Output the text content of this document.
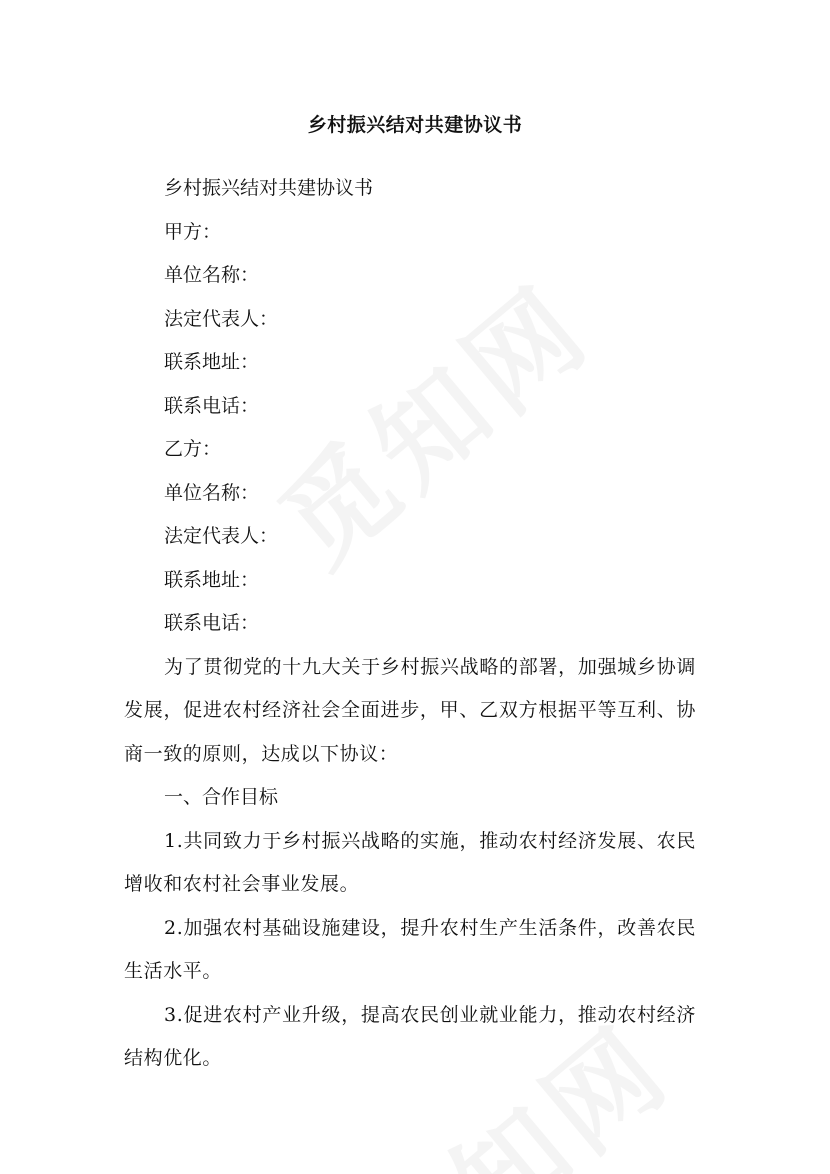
乡村振兴结对共建协议书
乡村振兴结对共建协议书
甲方：
单位名称：
法定代表人：
联系地址：
联系电话：
乙方：
单位名称：
法定代表人：
联系地址：
联系电话：

为了贯彻党的十九大关于乡村振兴战略的部署，加强城乡协调发展，促进农村经济社会全面进步，甲、乙双方根据平等互利、协商一致的原则，达成以下协议：

一、合作目标

1.共同致力于乡村振兴战略的实施，推动农村经济发展、农民增收和农村社会事业发展。

2.加强农村基础设施建设，提升农村生产生活条件，改善农民生活水平。

3.促进农村产业升级，提高农民创业就业能力，推动农村经济结构优化。
